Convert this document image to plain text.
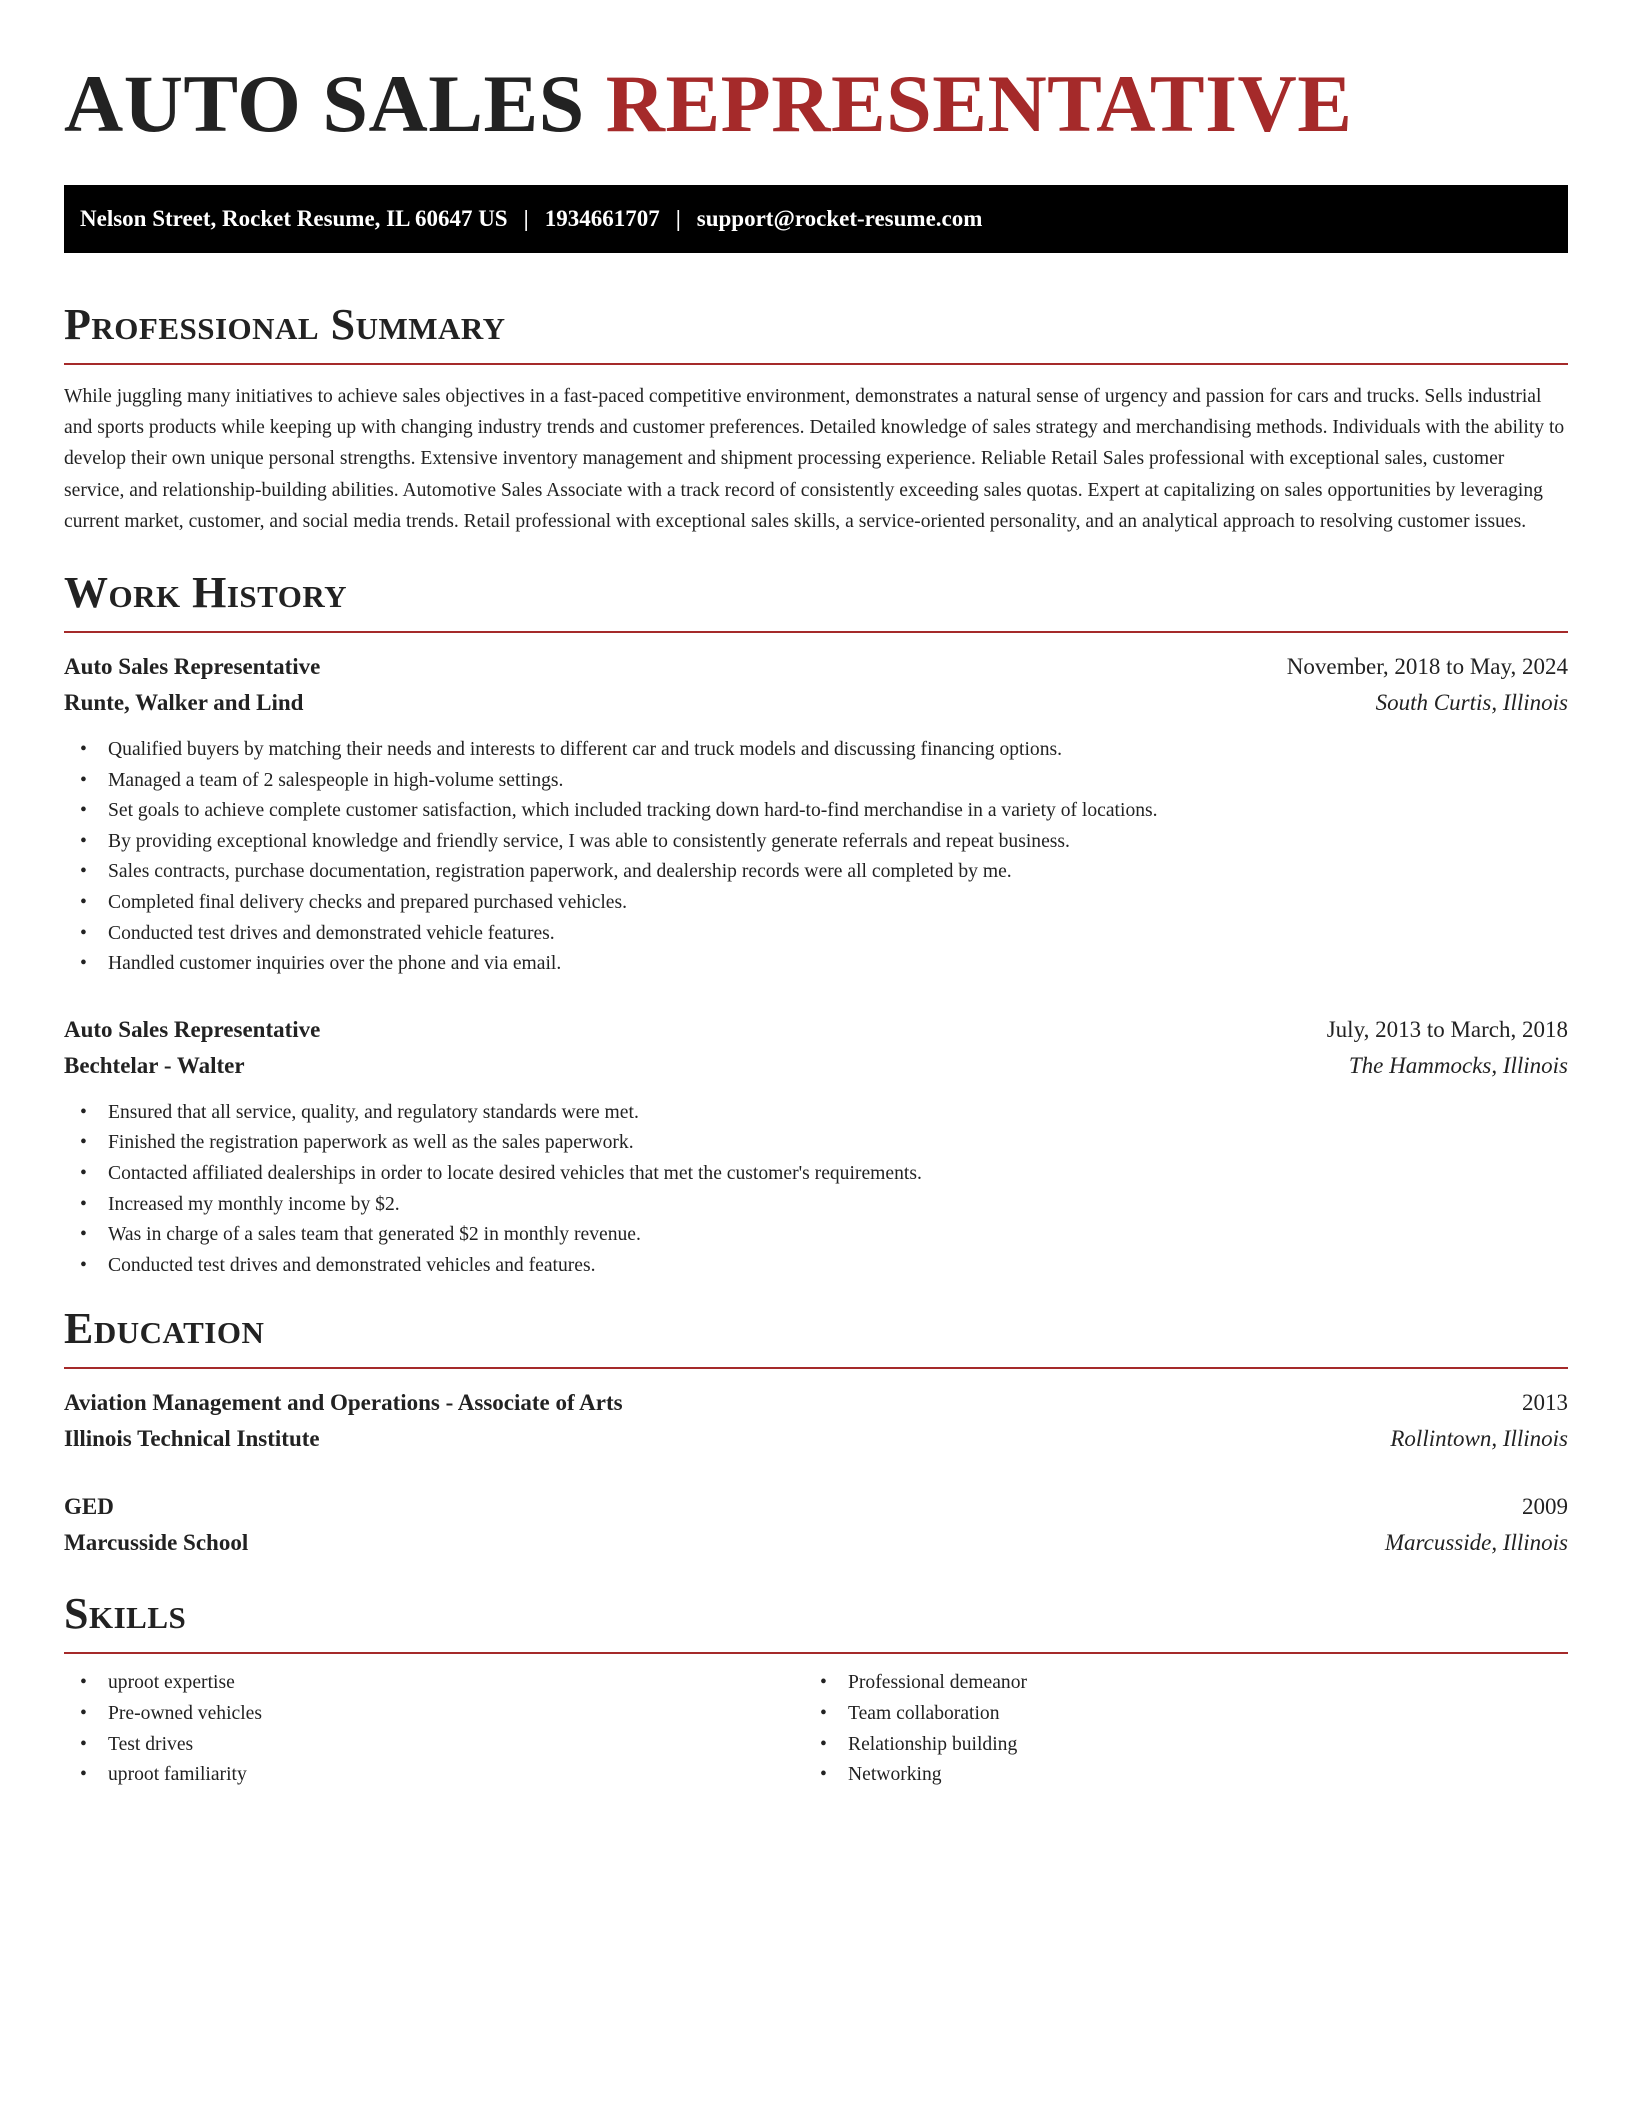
AUTO SALES REPRESENTATIVE
Nelson Street, Rocket Resume, IL 60647 US | 1934661707 | support@rocket-resume.com
Professional Summary

While juggling many initiatives to achieve sales objectives in a fast-paced competitive environment, demonstrates a natural sense of urgency and passion for cars and trucks. Sells industrial and sports products while keeping up with changing industry trends and customer preferences. Detailed knowledge of sales strategy and merchandising methods. Individuals with the ability to develop their own unique personal strengths. Extensive inventory management and shipment processing experience. Reliable Retail Sales professional with exceptional sales, customer service, and relationship-building abilities. Automotive Sales Associate with a track record of consistently exceeding sales quotas. Expert at capitalizing on sales opportunities by leveraging current market, customer, and social media trends. Retail professional with exceptional sales skills, a service-oriented personality, and an analytical approach to resolving customer issues.

Work History
Auto Sales Representative	November, 2018 to May, 2024
Runte, Walker and Lind	South Curtis, Illinois
• Qualified buyers by matching their needs and interests to different car and truck models and discussing financing options.
• Managed a team of 2 salespeople in high-volume settings.
• Set goals to achieve complete customer satisfaction, which included tracking down hard-to-find merchandise in a variety of locations.
• By providing exceptional knowledge and friendly service, I was able to consistently generate referrals and repeat business.
• Sales contracts, purchase documentation, registration paperwork, and dealership records were all completed by me.
• Completed final delivery checks and prepared purchased vehicles.
• Conducted test drives and demonstrated vehicle features.
• Handled customer inquiries over the phone and via email.
Auto Sales Representative	July, 2013 to March, 2018
Bechtelar - Walter	The Hammocks, Illinois
• Ensured that all service, quality, and regulatory standards were met.
• Finished the registration paperwork as well as the sales paperwork.
• Contacted affiliated dealerships in order to locate desired vehicles that met the customer's requirements.
• Increased my monthly income by $2.
• Was in charge of a sales team that generated $2 in monthly revenue.
• Conducted test drives and demonstrated vehicles and features.
Education
Aviation Management and Operations - Associate of Arts	2013
Illinois Technical Institute	Rollintown, Illinois
GED	2009
Marcusside School	Marcusside, Illinois
Skills
• uproot expertise
• Pre-owned vehicles
• Test drives
• uproot familiarity
• Professional demeanor
• Team collaboration
• Relationship building
• Networking
